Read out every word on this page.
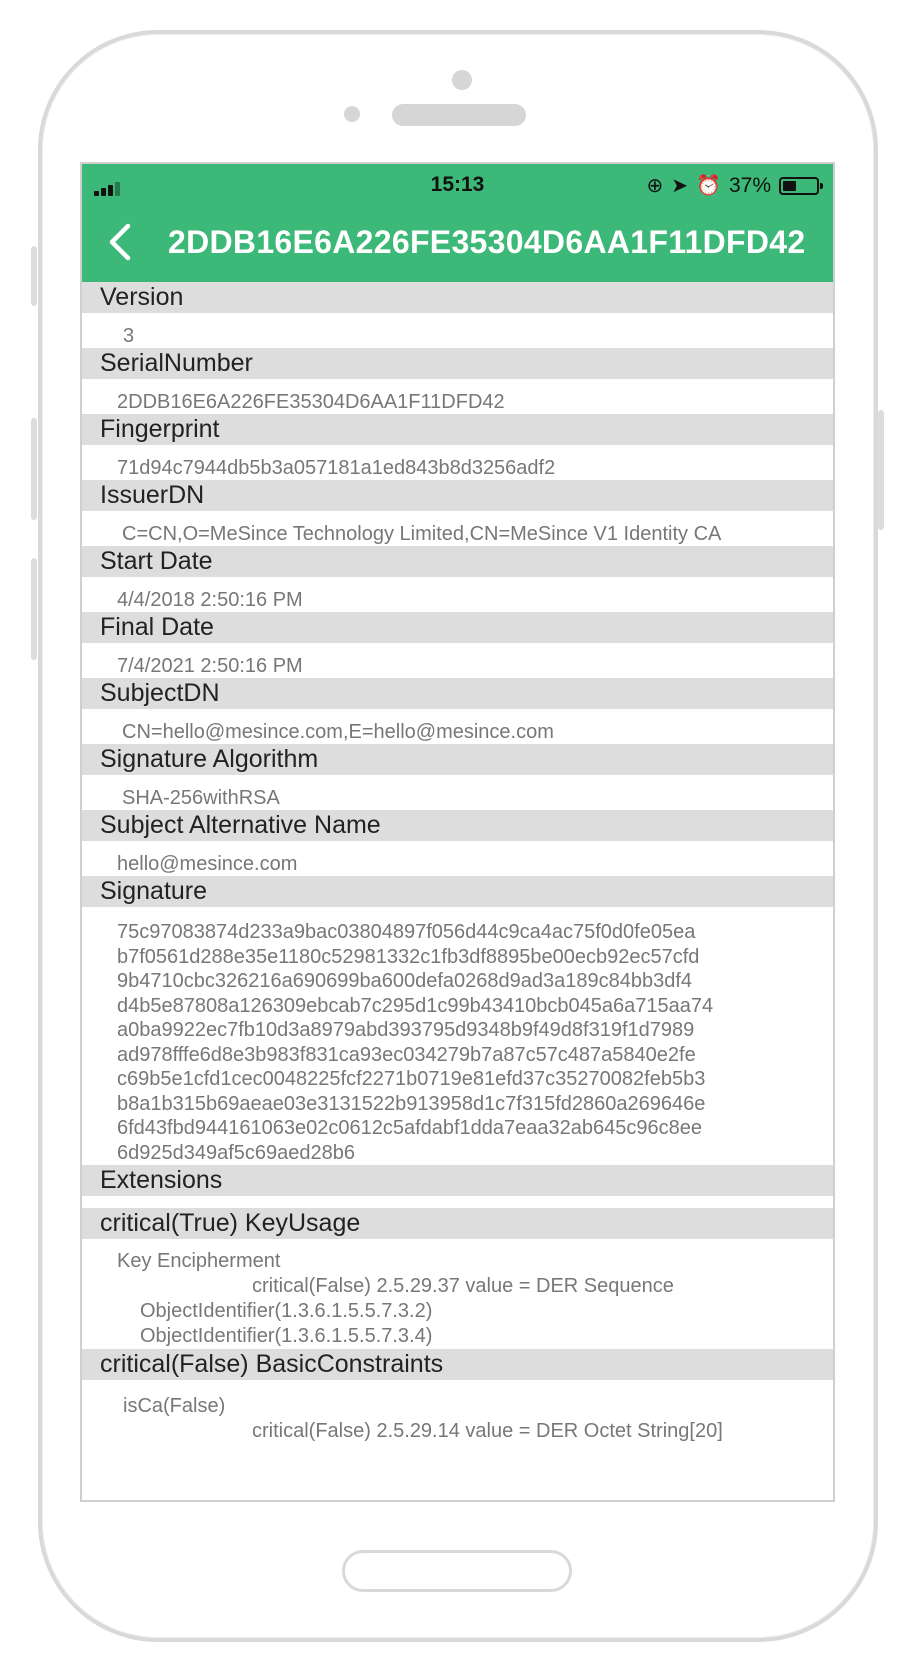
15:13	⊕ ➤ ⏰ 37%
2DDB16E6A226FE35304D6AA1F11DFD42
Version
3
SerialNumber
2DDB16E6A226FE35304D6AA1F11DFD42
Fingerprint
71d94c7944db5b3a057181a1ed843b8d3256adf2
IssuerDN
C=CN,O=MeSince Technology Limited,CN=MeSince V1 Identity CA
Start Date
4/4/2018 2:50:16 PM
Final Date
7/4/2021 2:50:16 PM
SubjectDN
CN=hello@mesince.com,E=hello@mesince.com
Signature Algorithm
SHA-256withRSA
Subject Alternative Name
hello@mesince.com
Signature
75c97083874d233a9bac03804897f056d44c9ca4ac75f0d0fe05ea
b7f0561d288e35e1180c52981332c1fb3df8895be00ecb92ec57cfd
9b4710cbc326216a690699ba600defa0268d9ad3a189c84bb3df4
d4b5e87808a126309ebcab7c295d1c99b43410bcb045a6a715aa74
a0ba9922ec7fb10d3a8979abd393795d9348b9f49d8f319f1d7989
ad978fffe6d8e3b983f831ca93ec034279b7a87c57c487a5840e2fe
c69b5e1cfd1cec0048225fcf2271b0719e81efd37c35270082feb5b3
b8a1b315b69aeae03e3131522b913958d1c7f315fd2860a269646e
6fd43fbd944161063e02c0612c5afdabf1dda7eaa32ab645c96c8ee
6d925d349af5c69aed28b6
Extensions
critical(True) KeyUsage
Key Encipherment
critical(False) 2.5.29.37 value = DER Sequence
ObjectIdentifier(1.3.6.1.5.5.7.3.2)
ObjectIdentifier(1.3.6.1.5.5.7.3.4)
critical(False) BasicConstraints
isCa(False)
critical(False) 2.5.29.14 value = DER Octet String[20]
